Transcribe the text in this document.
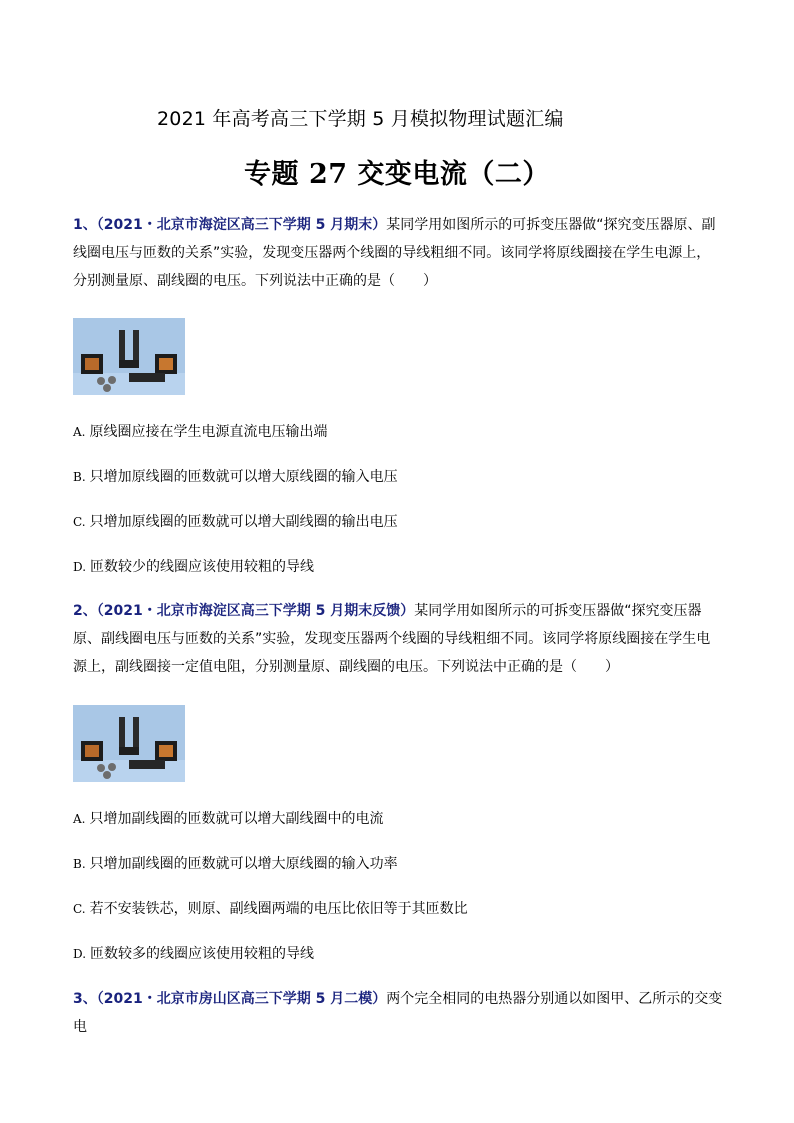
2021 年高考高三下学期 5 月模拟物理试题汇编
专题 27 交变电流（二）
1、（2021・北京市海淀区高三下学期 5 月期末）某同学用如图所示的可拆变压器做“探究变压器原、副线圈电压与匝数的关系”实验，发现变压器两个线圈的导线粗细不同。该同学将原线圈接在学生电源上，分别测量原、副线圈的电压。下列说法中正确的是（　　）
A. 原线圈应接在学生电源直流电压输出端
B. 只增加原线圈的匝数就可以增大原线圈的输入电压
C. 只增加原线圈的匝数就可以增大副线圈的输出电压
D. 匝数较少的线圈应该使用较粗的导线
2、（2021・北京市海淀区高三下学期 5 月期末反馈）某同学用如图所示的可拆变压器做“探究变压器原、副线圈电压与匝数的关系”实验，发现变压器两个线圈的导线粗细不同。该同学将原线圈接在学生电源上，副线圈接一定值电阻，分别测量原、副线圈的电压。下列说法中正确的是（　　）
A. 只增加副线圈的匝数就可以增大副线圈中的电流
B. 只增加副线圈的匝数就可以增大原线圈的输入功率
C. 若不安装铁芯，则原、副线圈两端的电压比依旧等于其匝数比
D. 匝数较多的线圈应该使用较粗的导线
3、（2021・北京市房山区高三下学期 5 月二模）两个完全相同的电热器分别通以如图甲、乙所示的交变电
